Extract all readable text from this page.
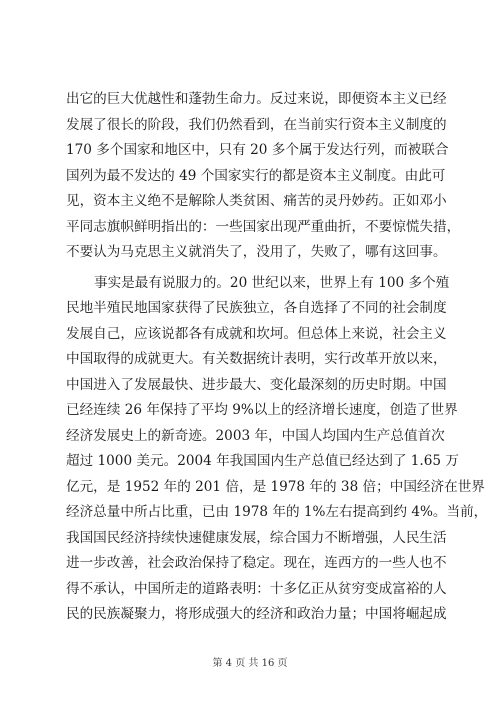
出它的巨大优越性和蓬勃生命力。反过来说，即便资本主义已经
发展了很长的阶段，我们仍然看到，在当前实行资本主义制度的
170 多个国家和地区中，只有 20 多个属于发达行列，而被联合
国列为最不发达的 49 个国家实行的都是资本主义制度。由此可
见，资本主义绝不是解除人类贫困、痛苦的灵丹妙药。正如邓小
平同志旗帜鲜明指出的：一些国家出现严重曲折，不要惊慌失措，
不要认为马克思主义就消失了，没用了，失败了，哪有这回事。
事实是最有说服力的。20 世纪以来，世界上有 100 多个殖
民地半殖民地国家获得了民族独立，各自选择了不同的社会制度
发展自己，应该说都各有成就和坎坷。但总体上来说，社会主义
中国取得的成就更大。有关数据统计表明，实行改革开放以来，
中国进入了发展最快、进步最大、变化最深刻的历史时期。中国
已经连续 26 年保持了平均 9%以上的经济增长速度，创造了世界
经济发展史上的新奇迹。2003 年，中国人均国内生产总值首次
超过 1000 美元。2004 年我国国内生产总值已经达到了 1.65 万
亿元，是 1952 年的 201 倍，是 1978 年的 38 倍；中国经济在世界
经济总量中所占比重，已由 1978 年的 1%左右提高到约 4%。当前，
我国国民经济持续快速健康发展，综合国力不断增强，人民生活
进一步改善，社会政治保持了稳定。现在，连西方的一些人也不
得不承认，中国所走的道路表明：十多亿正从贫穷变成富裕的人
民的民族凝聚力，将形成强大的经济和政治力量；中国将崛起成
第 4 页 共 16 页
